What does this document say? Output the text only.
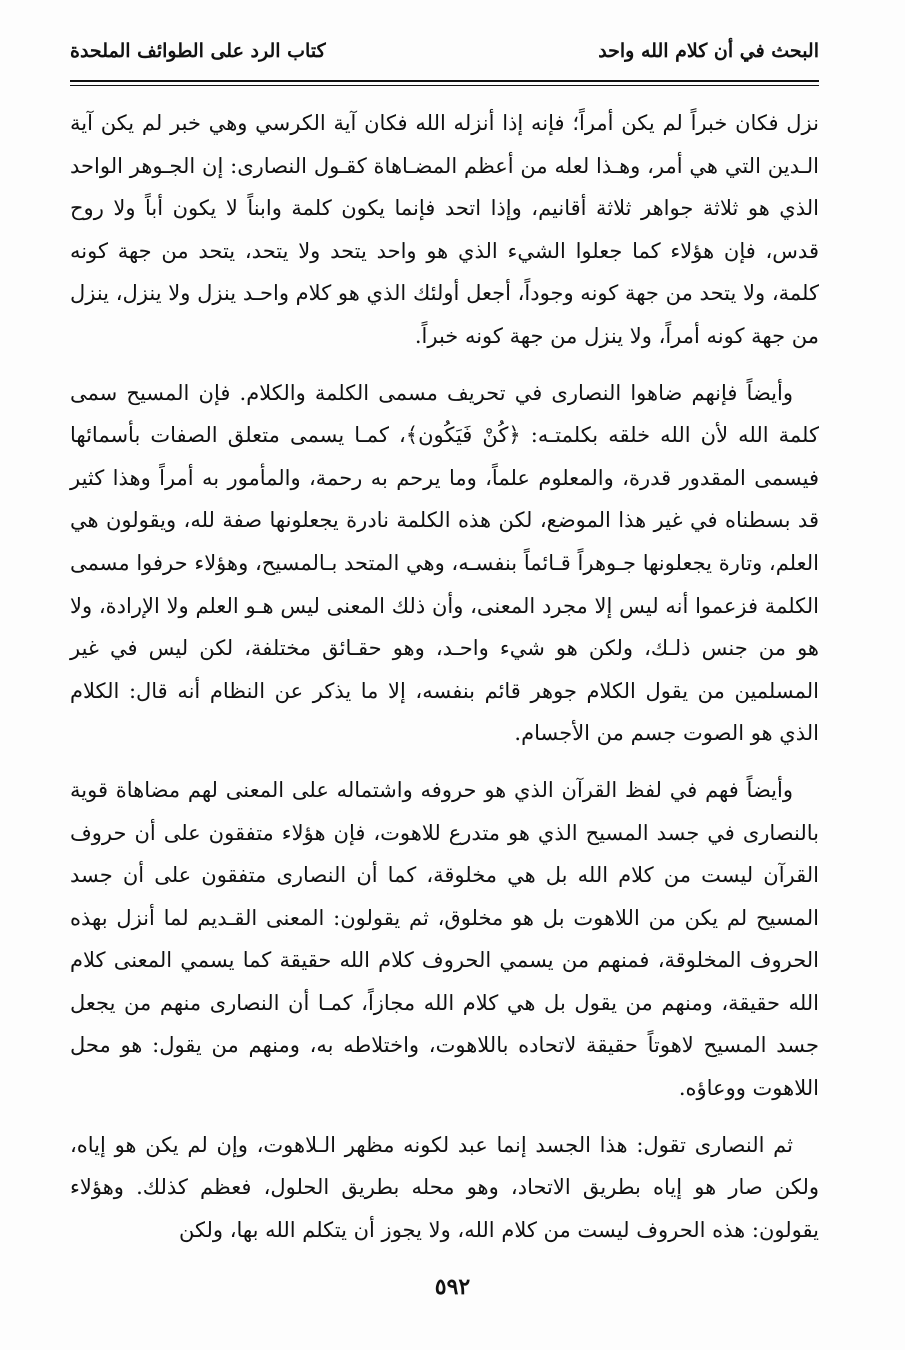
البحث في أن كلام الله واحد
كتاب الرد على الطوائف الملحدة

نزل فكان خبراً لم يكن أمراً؛ فإنه إذا أنزله الله فكان آية الكرسي وهي خبر لم يكن آية الـدين التي هي أمر، وهـذا لعله من أعظم المضـاهاة كقـول النصارى: إن الجـوهر الواحد الذي هو ثلاثة جواهر ثلاثة أقانيم، وإذا اتحد فإنما يكون كلمة وابناً لا يكون أباً ولا روح قدس، فإن هؤلاء كما جعلوا الشيء الذي هو واحد يتحد ولا يتحد، يتحد من جهة كونه كلمة، ولا يتحد من جهة كونه وجوداً، أجعل أولئك الذي هو كلام واحـد ينزل ولا ينزل، ينزل من جهة كونه أمراً، ولا ينزل من جهة كونه خبراً.

وأيضاً فإنهم ضاهوا النصارى في تحريف مسمى الكلمة والكلام. فإن المسيح سمى كلمة الله لأن الله خلقه بكلمتـه: ﴿كُنْ فَيَكُون﴾، كمـا يسمى متعلق الصفات بأسمائها فيسمى المقدور قدرة، والمعلوم علماً، وما يرحم به رحمة، والمأمور به أمراً وهذا كثير قد بسطناه في غير هذا الموضع، لكن هذه الكلمة نادرة يجعلونها صفة لله، ويقولون هي العلم، وتارة يجعلونها جـوهراً قـائماً بنفسـه، وهي المتحد بـالمسيح، وهؤلاء حرفوا مسمى الكلمة فزعموا أنه ليس إلا مجرد المعنى، وأن ذلك المعنى ليس هـو العلم ولا الإرادة، ولا هو من جنس ذلـك، ولكن هو شيء واحـد، وهو حقـائق مختلفة، لكن ليس في غير المسلمين من يقول الكلام جوهر قائم بنفسه، إلا ما يذكر عن النظام أنه قال: الكلام الذي هو الصوت جسم من الأجسام.

وأيضاً فهم في لفظ القرآن الذي هو حروفه واشتماله على المعنى لهم مضاهاة قوية بالنصارى في جسد المسيح الذي هو متدرع للاهوت، فإن هؤلاء متفقون على أن حروف القرآن ليست من كلام الله بل هي مخلوقة، كما أن النصارى متفقون على أن جسد المسيح لم يكن من اللاهوت بل هو مخلوق، ثم يقولون: المعنى القـديم لما أنزل بهذه الحروف المخلوقة، فمنهم من يسمي الحروف كلام الله حقيقة كما يسمي المعنى كلام الله حقيقة، ومنهم من يقول بل هي كلام الله مجازاً، كمـا أن النصارى منهم من يجعل جسد المسيح لاهوتاً حقيقة لاتحاده باللاهوت، واختلاطه به، ومنهم من يقول: هو محل اللاهوت ووعاؤه.

ثم النصارى تقول: هذا الجسد إنما عبد لكونه مظهر الـلاهوت، وإن لم يكن هو إياه، ولكن صار هو إياه بطريق الاتحاد، وهو محله بطريق الحلول، فعظم كذلك. وهؤلاء يقولون: هذه الحروف ليست من كلام الله، ولا يجوز أن يتكلم الله بها، ولكن

٥٩٢
